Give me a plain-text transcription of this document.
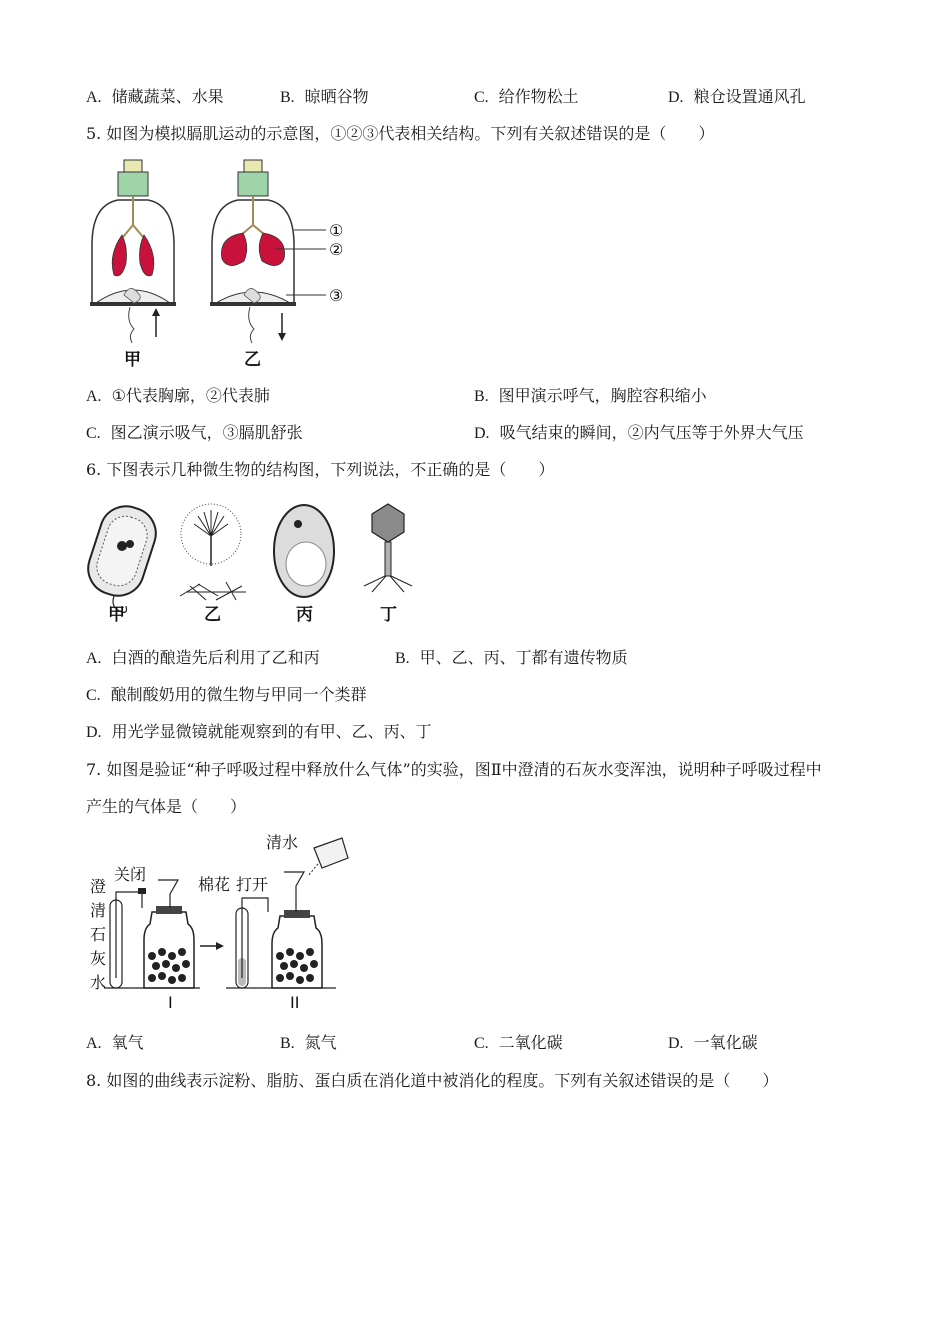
A. 储藏蔬菜、水果	B. 晾晒谷物	C. 给作物松土	D. 粮仓设置通风孔
5. 如图为模拟膈肌运动的示意图，①②③代表相关结构。下列有关叙述错误的是（　　）
①
②
③
甲	乙
A. ①代表胸廓，②代表肺	B. 图甲演示呼气，胸腔容积缩小
C. 图乙演示吸气，③膈肌舒张	D. 吸气结束的瞬间，②内气压等于外界大气压
6. 下图表示几种微生物的结构图，下列说法，不正确的是（　　）
甲	乙	丙	丁
A. 白酒的酿造先后利用了乙和丙	B. 甲、乙、丙、丁都有遗传物质
C. 酿制酸奶用的微生物与甲同一个类群
D. 用光学显微镜就能观察到的有甲、乙、丙、丁
7. 如图是验证“种子呼吸过程中释放什么气体”的实验，图Ⅱ中澄清的石灰水变浑浊，说明种子呼吸过程中
产生的气体是（　　）
澄
清
石
灰
水
关闭
棉花 打开
清水
I	II
A. 氧气	B. 氮气	C. 二氧化碳	D. 一氧化碳
8. 如图的曲线表示淀粉、脂肪、蛋白质在消化道中被消化的程度。下列有关叙述错误的是（　　）
